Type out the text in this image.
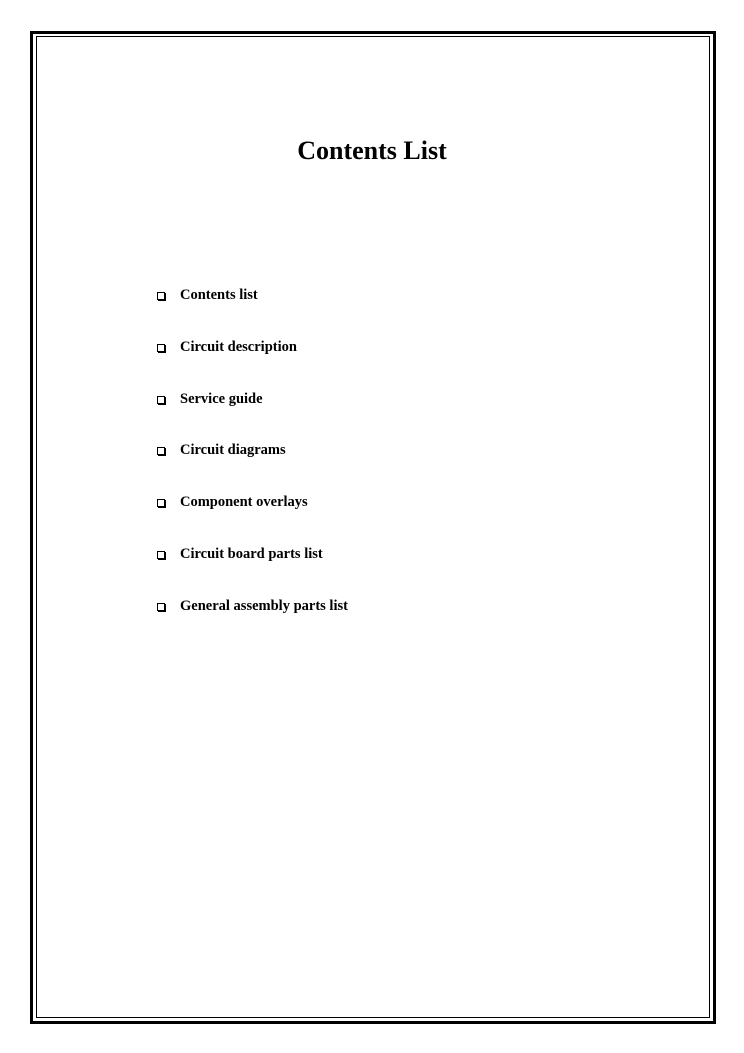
Contents List
Contents list
Circuit description
Service guide
Circuit diagrams
Component overlays
Circuit board parts list
General assembly parts list
